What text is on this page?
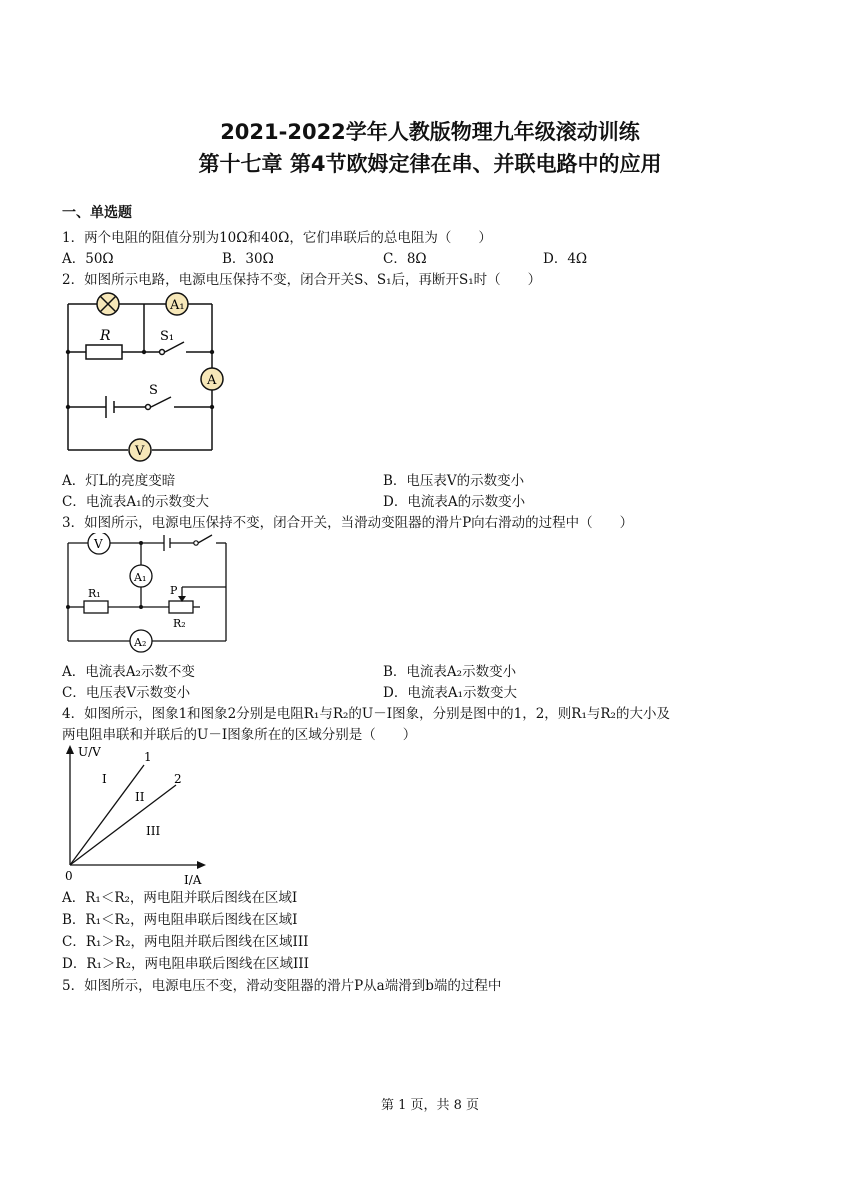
2021-2022学年人教版物理九年级滚动训练
第十七章 第4节欧姆定律在串、并联电路中的应用
一、单选题
1．两个电阻的阻值分别为10Ω和40Ω，它们串联后的总电阻为（　　）
A．50Ω	B．30Ω	C．8Ω	D．4Ω
2．如图所示电路，电源电压保持不变，闭合开关S、S₁后，再断开S₁时（　　）
A₁
A
V
R	S₁
S
A．灯L的亮度变暗	B．电压表V的示数变小
C．电流表A₁的示数变大	D．电流表A的示数变小
3．如图所示，电源电压保持不变，闭合开关，当滑动变阻器的滑片P向右滑动的过程中（　　）
V
A₁
A₂
R₁
R₂
P
A．电流表A₂示数不变	B．电流表A₂示数变小
C．电压表V示数变小	D．电流表A₁示数变大
4．如图所示，图象1和图象2分别是电阻R₁与R₂的U－I图象，分别是图中的1，2，则R₁与R₂的大小及
两电阻串联和并联后的U－I图象所在的区域分别是（　　）
U/V
I/A
0
1
2
I
II
III
A．R₁＜R₂，两电阻并联后图线在区域I
B．R₁＜R₂，两电阻串联后图线在区域I
C．R₁＞R₂，两电阻并联后图线在区域III
D．R₁＞R₂，两电阻串联后图线在区域III
5．如图所示，电源电压不变，滑动变阻器的滑片P从a端滑到b端的过程中
第 1 页，共 8 页
